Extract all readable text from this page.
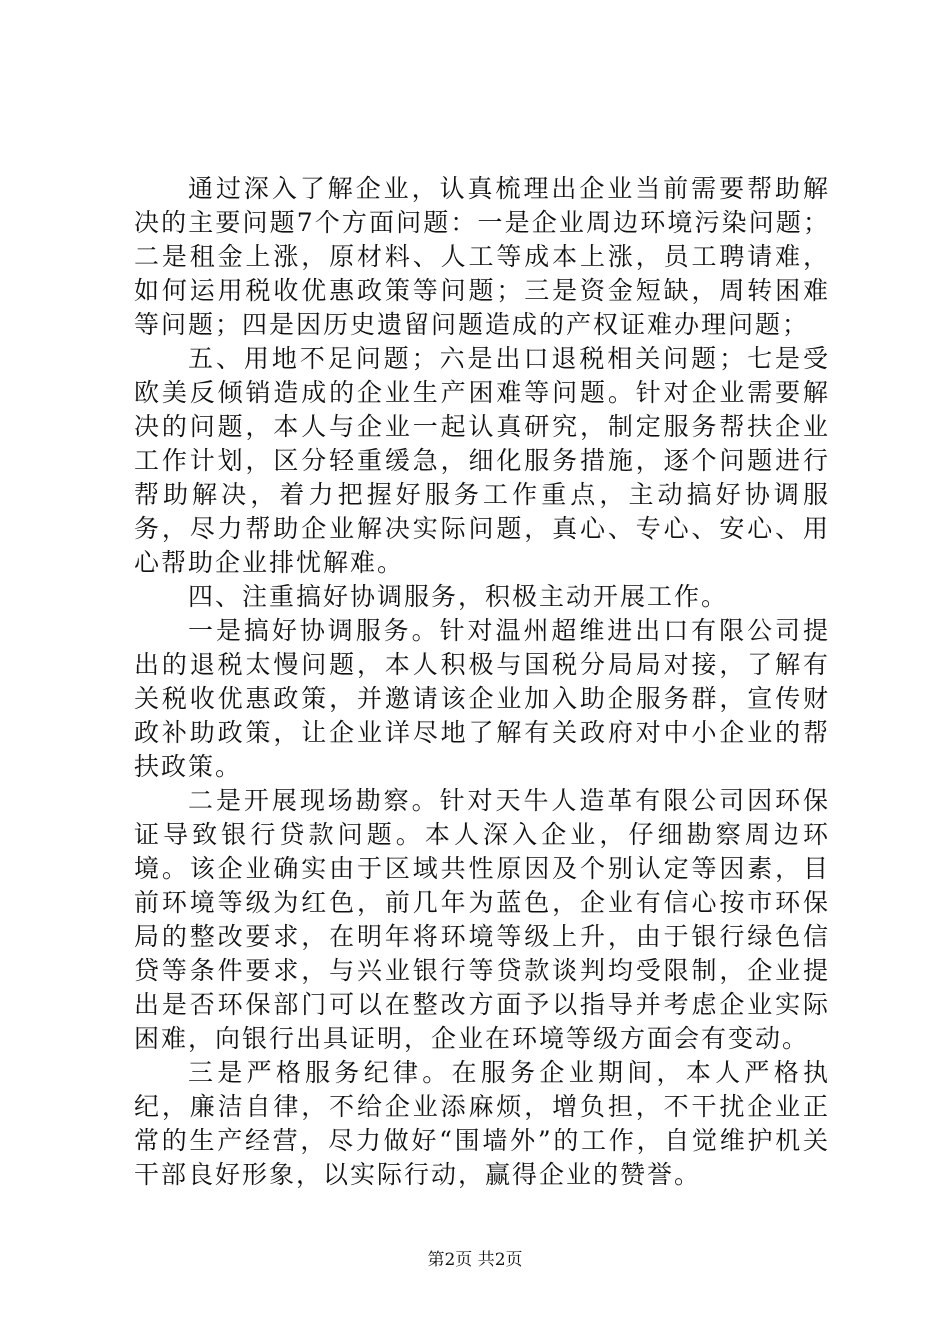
通过深入了解企业，认真梳理出企业当前需要帮助解决的主要问题7个方面问题：一是企业周边环境污染问题；二是租金上涨，原材料、人工等成本上涨，员工聘请难，如何运用税收优惠政策等问题；三是资金短缺，周转困难等问题；四是因历史遗留问题造成的产权证难办理问题；

五、用地不足问题；六是出口退税相关问题；七是受欧美反倾销造成的企业生产困难等问题。针对企业需要解决的问题，本人与企业一起认真研究，制定服务帮扶企业工作计划，区分轻重缓急，细化服务措施，逐个问题进行帮助解决，着力把握好服务工作重点，主动搞好协调服务，尽力帮助企业解决实际问题，真心、专心、安心、用心帮助企业排忧解难。

四、注重搞好协调服务，积极主动开展工作。

一是搞好协调服务。针对温州超维进出口有限公司提出的退税太慢问题，本人积极与国税分局局对接，了解有关税收优惠政策，并邀请该企业加入助企服务群，宣传财政补助政策，让企业详尽地了解有关政府对中小企业的帮扶政策。

二是开展现场勘察。针对天牛人造革有限公司因环保证导致银行贷款问题。本人深入企业，仔细勘察周边环境。该企业确实由于区域共性原因及个别认定等因素，目前环境等级为红色，前几年为蓝色，企业有信心按市环保局的整改要求，在明年将环境等级上升，由于银行绿色信贷等条件要求，与兴业银行等贷款谈判均受限制，企业提出是否环保部门可以在整改方面予以指导并考虑企业实际困难，向银行出具证明，企业在环境等级方面会有变动。

三是严格服务纪律。在服务企业期间，本人严格执纪，廉洁自律，不给企业添麻烦，增负担，不干扰企业正常的生产经营，尽力做好“围墙外”的工作，自觉维护机关干部良好形象，以实际行动，赢得企业的赞誉。

第2页 共2页
